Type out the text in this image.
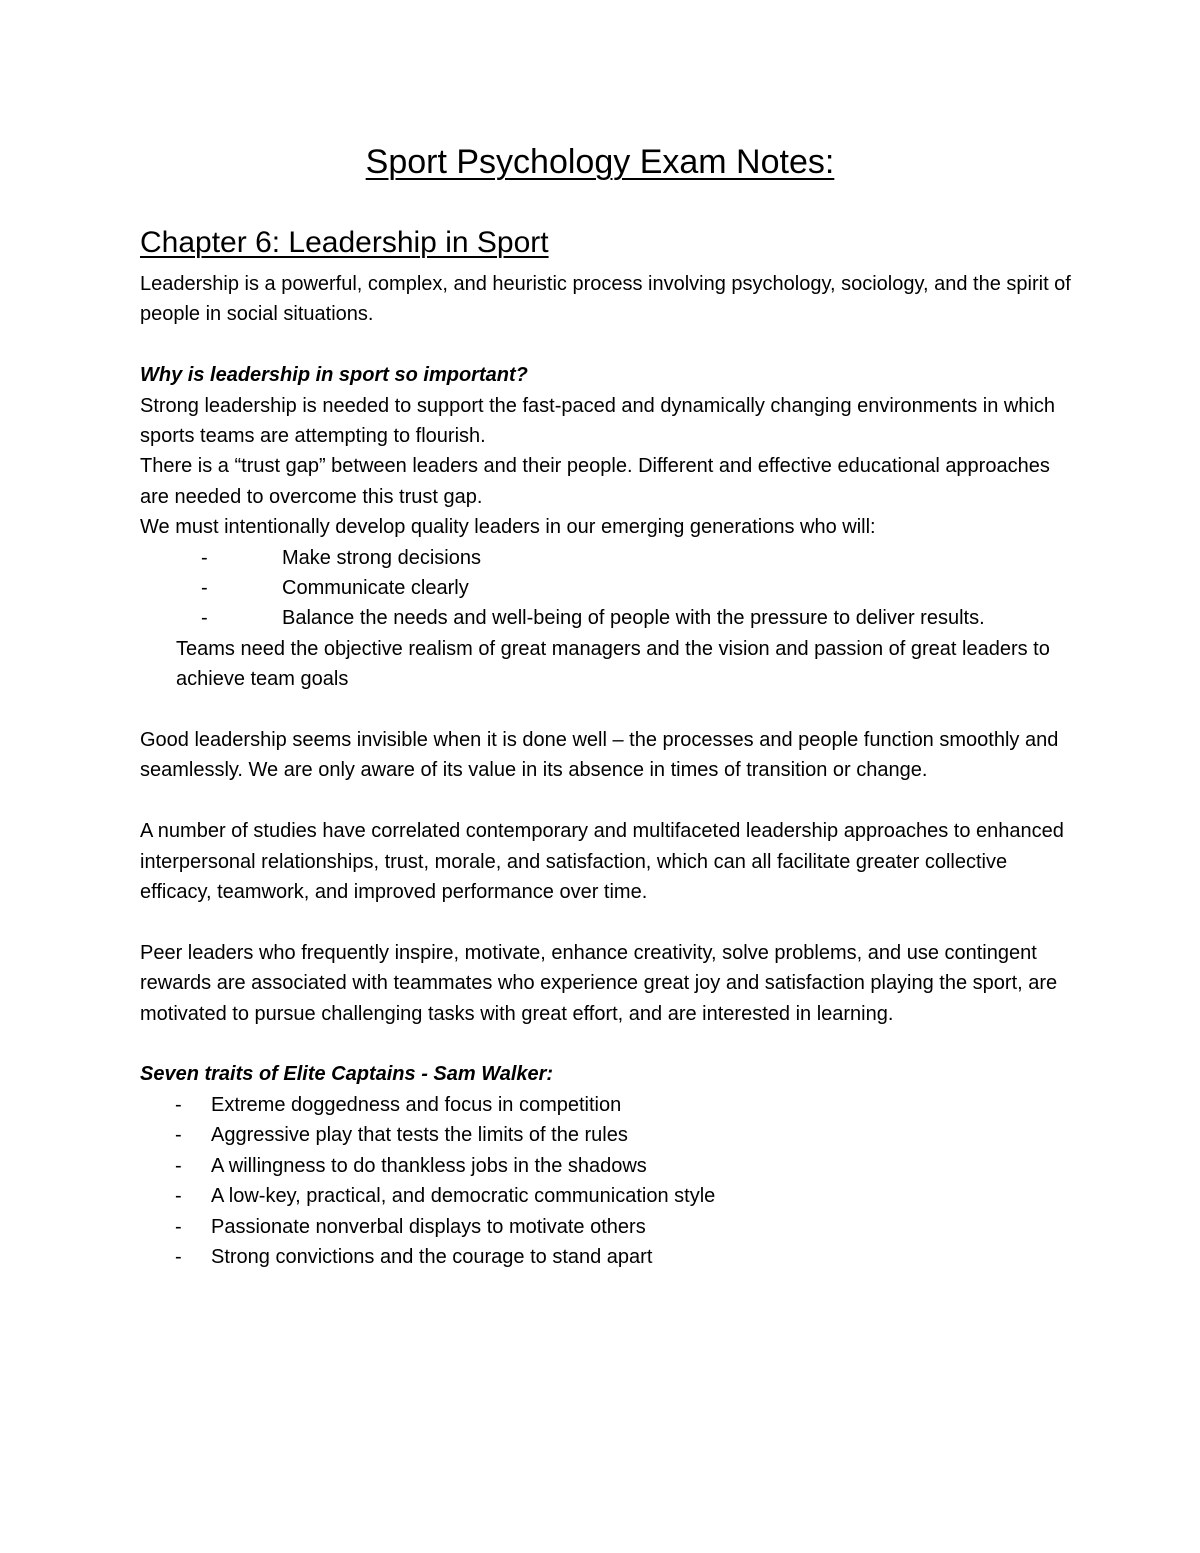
Sport Psychology Exam Notes:
Chapter 6: Leadership in Sport

Leadership is a powerful, complex, and heuristic process involving psychology, sociology, and the spirit of people in social situations.

Why is leadership in sport so important?

Strong leadership is needed to support the fast-paced and dynamically changing environments in which sports teams are attempting to flourish.

There is a “trust gap” between leaders and their people. Different and effective educational approaches are needed to overcome this trust gap.

We must intentionally develop quality leaders in our emerging generations who will:

-	Make strong decisions
-	Communicate clearly
-	Balance the needs and well-being of people with the pressure to deliver results.

Teams need the objective realism of great managers and the vision and passion of great leaders to achieve team goals

Good leadership seems invisible when it is done well – the processes and people function smoothly and seamlessly. We are only aware of its value in its absence in times of transition or change.

A number of studies have correlated contemporary and multifaceted leadership approaches to enhanced interpersonal relationships, trust, morale, and satisfaction, which can all facilitate greater collective efficacy, teamwork, and improved performance over time.

Peer leaders who frequently inspire, motivate, enhance creativity, solve problems, and use contingent rewards are associated with teammates who experience great joy and satisfaction playing the sport, are motivated to pursue challenging tasks with great effort, and are interested in learning.

Seven traits of Elite Captains - Sam Walker:

- Extreme doggedness and focus in competition
- Aggressive play that tests the limits of the rules
- A willingness to do thankless jobs in the shadows
- A low-key, practical, and democratic communication style
- Passionate nonverbal displays to motivate others
- Strong convictions and the courage to stand apart
